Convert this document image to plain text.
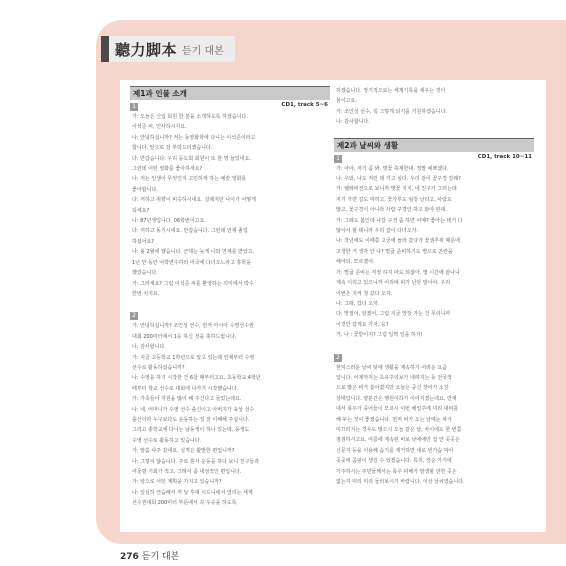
聽力脚本 듣기 대본
제1과 인물 소개
1	CD1, track 5~6
가: 오늘은 신입 회원 한 분을 소개하도록 하겠습니다.
이석준 씨, 인사하시지요.
나: 안녕하십니까? 저는 동양화학에 다니는 이석준이라고
합니다. 앞으로 잘 부탁드리겠습니다.
다: 반갑습니다. 우리 등도회 회원이 또 한 명 늘었네요.
그런데 어떤 영화를 좋아하세요?
나: 저는 인생이 무엇인지 고민하게 하는 예술 영화를
좋아합니다.
다: 저하고 취향이 비슷하시네요. 실례지만 나이가 어떻게
되세요?
나: 87년생입니다. 06학번이고요.
다: 저하고 동기시네요. 반갑습니다. 그런데 언제 졸업
하셨어요?
나: 올 2월에 했습니다. 군대는 늦게 나와 면제를 받았고,
1년 반 동안 어학연수하러 미국에 다녀오느라고 휴학을
했었습니다.
가: 그러세요? 그럼 이석준 씨를 환영하는 의미에서 박수
한번 치지요.
2
가: 안녕하십니까? 조인성 선수, 먼저 아시아 수영선수권
대회 200미터에서 1등 하신 것을 축하드립니다.
나: 감사합니다.
가: 지금 고등학교 1학년으로 알고 있는데 언제부터 수영
선수로 활동하셨습니까?
나: 수영을 하기 시작한 건 6살 때부터고요, 초등학교 4학년
때부터 학교 선수로 대회에 나가기 시작했습니다.
가: 가족들이 지원을 많이 해 주신다고 들었는데요.
나: 네, 어머니가 수영 선수 출신이고 아버지가 육상 선수
출신이라 누구보다도 운동하는 걸 잘 이해해 주십니다.
그리고 충학교에 다니는 남동생이 하나 있는데, 동생도
수영 선수로 활동하고 있습니다.
가: 말씀 사주 같네요. 성격은 활발한 편입니까?
나: 그렇지 않습니다. 주로 혼자 운동을 하다 보니 친구들과
어울릴 기회가 적고, 그래서 좀 내성적인 편입니다.
가: 앞으로 어떤 계획을 가지고 있습니까?
나: 일실히 연습해서 저 달 후에 시드니에서 열리는 세계
선수권대회 200미터 부문에서 꼭 우승을 하도록
하겠습니다. 장기적으로는 세계기록을 세우는 것이
꿈이고요.
가: 조인성 선수, 꼭 그렇게 되기를 기원하겠습니다.
나: 감사합니다.
제2과 날씨와 생활
1	CD1, track 10~11
가: 아야, 저기 좀 봐. 벚꽃 축제한대. 정말 예쁘겠다.
나: 우와, 나도 저런 데 가고 싶다. 우리 같이 꽃구경 갈래?
가: 텔레비전으로 보니까 벚꽃 지지, 네 친구가 그러는데
저기 가면 길도 막히고, 꽃가루도 엄청 날리고, 사람도
많고, 꽃구경이 아니라 사람 구경인 하고 와야 된대.
가: 그래도 봄인데 나갈 구경 좀 하면 어때? 좋아는 데거 다
많아서 할 테니까 우리 같이 다녀오자.
나: 작년에도 이때쯤 고궁에 놀러 갔다가 꽃샘추위 때문에
고생한 거 생각 안 나? 벌굽 준비하기도 별으로 곤란을
해야되, 모르겠어.
가: 벌굽 준비는 걱정 하지 마도 되잖아. 몇 시간에 끝나니
계속 이리고 있으니까 이리에 피가 난닫 말이야. 우리
이번은 지켜 첫 갔다 오자.
나: 그래, 갔다 오자.
다: 맞절아, 알겠어, 그럼 지금 망장 가는 건 무리니까
이것만 같게요 가자, 응?
가, 나 : 꽃받이지? 그럼 일찍 일을 하자!
2
현익스러운 날씨 탓에 생활을 계속하기 어려운 요즘
입니다. 어제까지는 초유주의보가 내려지는 등 전국적
으로 많은 비가 쏟아졌지만 오늘은 중신 장마가 소강
상태입니다. 양분간은 행원이하가 이어지겠는데요, 연재
대서 폭우가 종어들이 모르시 이번 해입주에 미리 대비를
해 두는 것이 좋겠습니다. 먼저 비가 오는 날에는 차가
미끄러지는 경우도 많으시 오늘 같은 날, 차이에도 한 번쯤
점검하시고요, 여름에 계속된 비로 낮에에만 집 안 곳곳은
신문지 등을 이용해 습기를 제거하면 새로 빈가습 막아
곳곳에 곰팡이 생길 수 있겠습니다. 특히, 장순 가기에
가주하시는 주민들께서는 폭우 피해가 발생할 만한 곳은
없는지 미리 미리 둘러보시기 바랍니다. 이상 날씨였습니다.
276 듣기 대본
